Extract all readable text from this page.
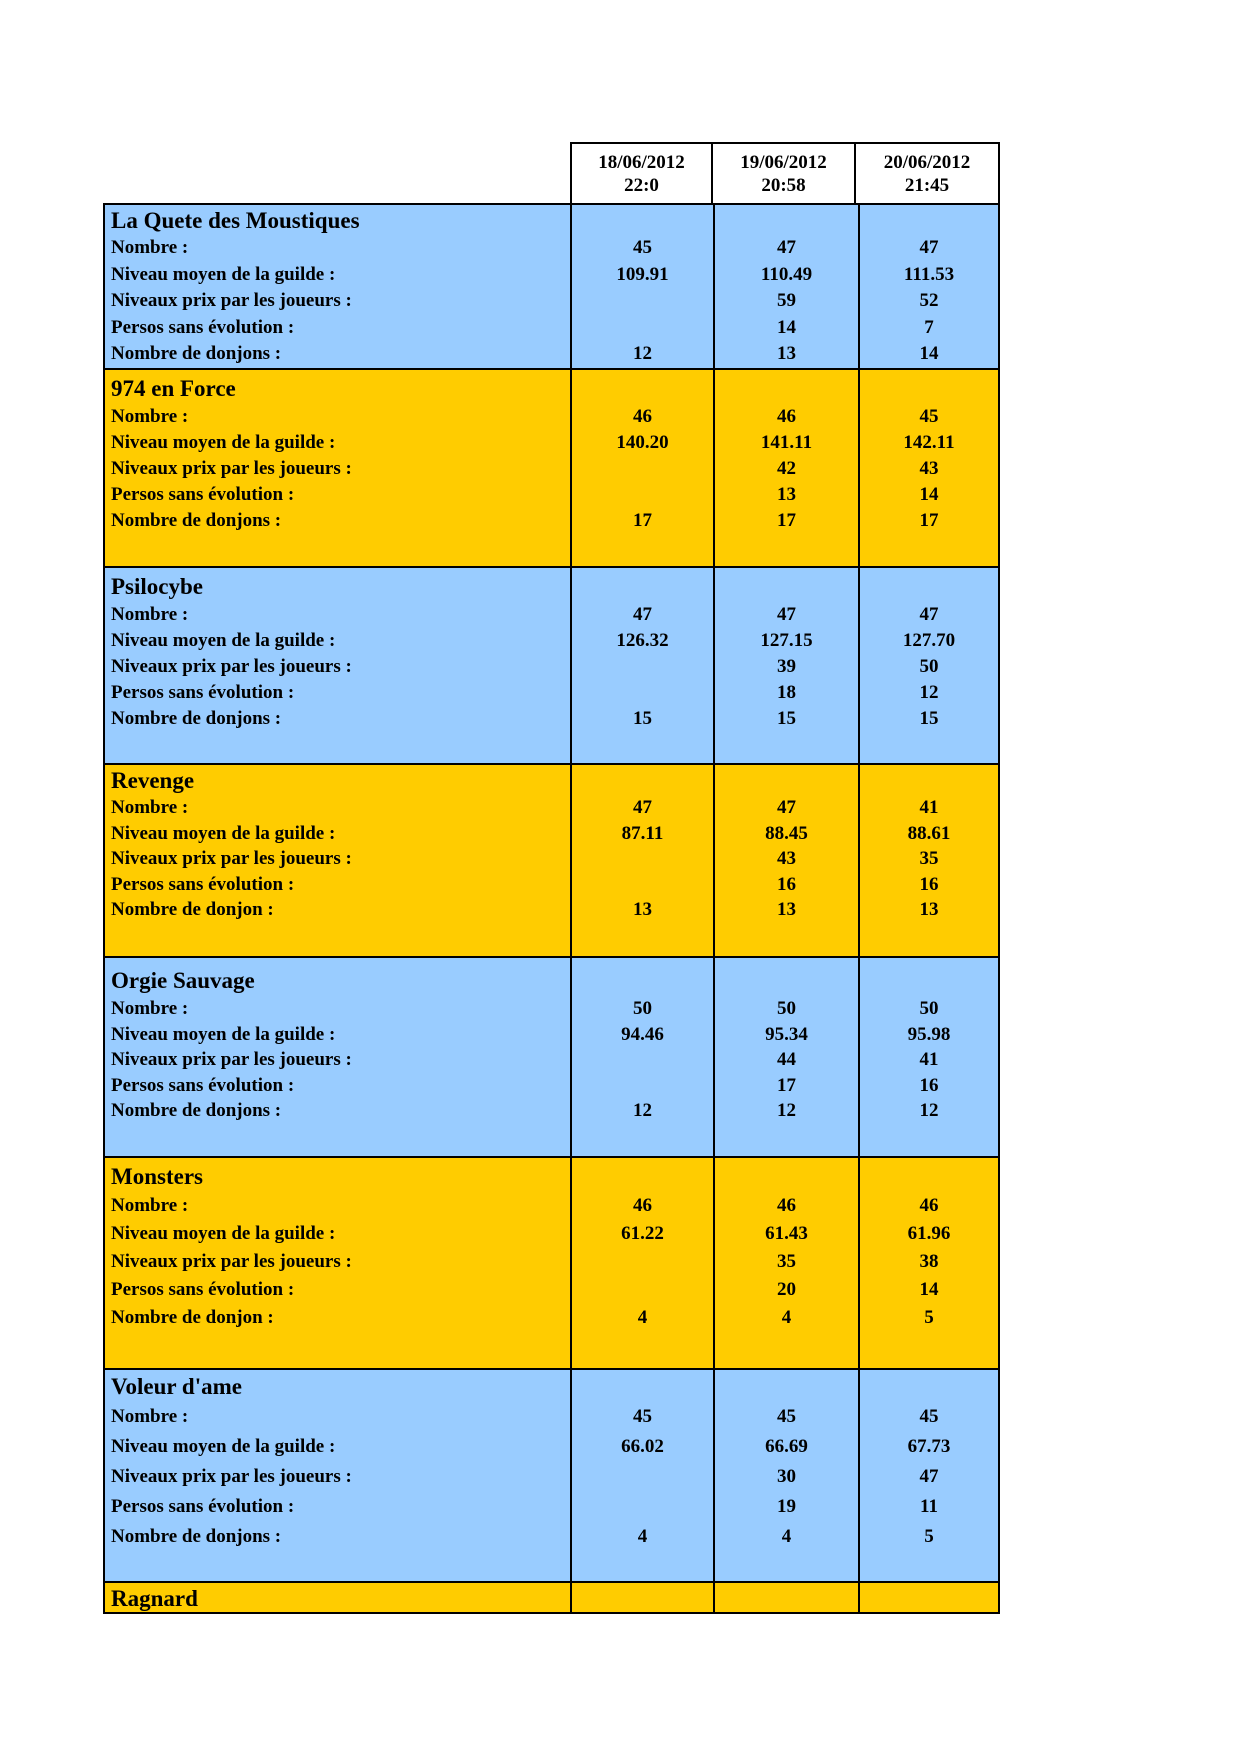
18/06/2012
22:0
19/06/2012
20:58
20/06/2012
21:45
La Quete des Moustiques
Nombre :
Niveau moyen de la guilde :
Niveaux prix par les joueurs :
Persos sans évolution :
Nombre de donjons :
45
109.91
12
47
110.49
59
14
13
47
111.53
52
7
14
974 en Force
Nombre :
Niveau moyen de la guilde :
Niveaux prix par les joueurs :
Persos sans évolution :
Nombre de donjons :
46
140.20
17
46
141.11
42
13
17
45
142.11
43
14
17
Psilocybe
Nombre :
Niveau moyen de la guilde :
Niveaux prix par les joueurs :
Persos sans évolution :
Nombre de donjons :
47
126.32
15
47
127.15
39
18
15
47
127.70
50
12
15
Revenge
Nombre :
Niveau moyen de la guilde :
Niveaux prix par les joueurs :
Persos sans évolution :
Nombre de donjon :
47
87.11
13
47
88.45
43
16
13
41
88.61
35
16
13
Orgie Sauvage
Nombre :
Niveau moyen de la guilde :
Niveaux prix par les joueurs :
Persos sans évolution :
Nombre de donjons :
50
94.46
12
50
95.34
44
17
12
50
95.98
41
16
12
Monsters
Nombre :
Niveau moyen de la guilde :
Niveaux prix par les joueurs :
Persos sans évolution :
Nombre de donjon :
46
61.22
4
46
61.43
35
20
4
46
61.96
38
14
5
Voleur d'ame
Nombre :
Niveau moyen de la guilde :
Niveaux prix par les joueurs :
Persos sans évolution :
Nombre de donjons :
45
66.02
4
45
66.69
30
19
4
45
67.73
47
11
5
Ragnard
